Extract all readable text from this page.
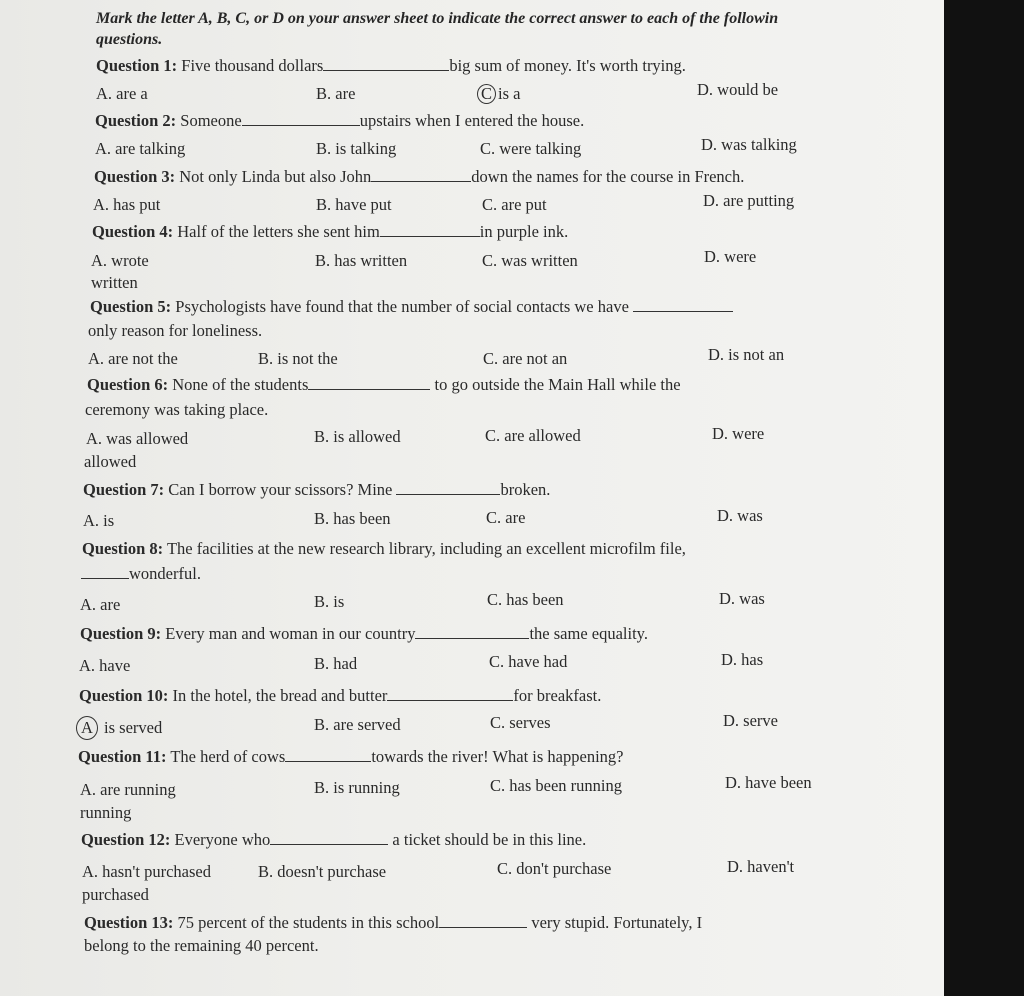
Mark the letter A, B, C, or D on your answer sheet to indicate the correct answer to each of the followin questions.
Question 1: Five thousand dollars	big sum of money. It's worth trying.
A. are a	B. are	C is a	D. would be
Question 2: Someone	upstairs when I entered the house.
A. are talking	B. is talking	C. were talking	D. was talking
Question 3: Not only Linda but also John	down the names for the course in French.
A. has put	B. have put	C. are put	D. are putting
Question 4: Half of the letters she sent him	in purple ink.
A. wrote
written
B. has written	C. was written	D. were
Question 5: Psychologists have found that the number of social contacts we have
only reason for loneliness.
A. are not the	B. is not the	C. are not an	D. is not an
Question 6: None of the students	to go outside the Main Hall while the
ceremony was taking place.
A. was allowed
allowed
B. is allowed	C. are allowed	D. were
Question 7: Can I borrow your scissors? Mine	broken.
A. is	B. has been	C. are	D. was
Question 8: The facilities at the new research library, including an excellent microfilm file,
wonderful.
A. are	B. is	C. has been	D. was
Question 9: Every man and woman in our country	the same equality.
A. have	B. had	C. have had	D. has
Question 10: In the hotel, the bread and butter	for breakfast.
A is served	B. are served	C. serves	D. serve
Question 11: The herd of cows	towards the river! What is happening?
A. are running
running
B. is running	C. has been running	D. have been
Question 12: Everyone who	a ticket should be in this line.
A. hasn't purchased
purchased
B. doesn't purchase	C. don't purchase	D. haven't
Question 13: 75 percent of the students in this school	very stupid. Fortunately, I
belong to the remaining 40 percent.
